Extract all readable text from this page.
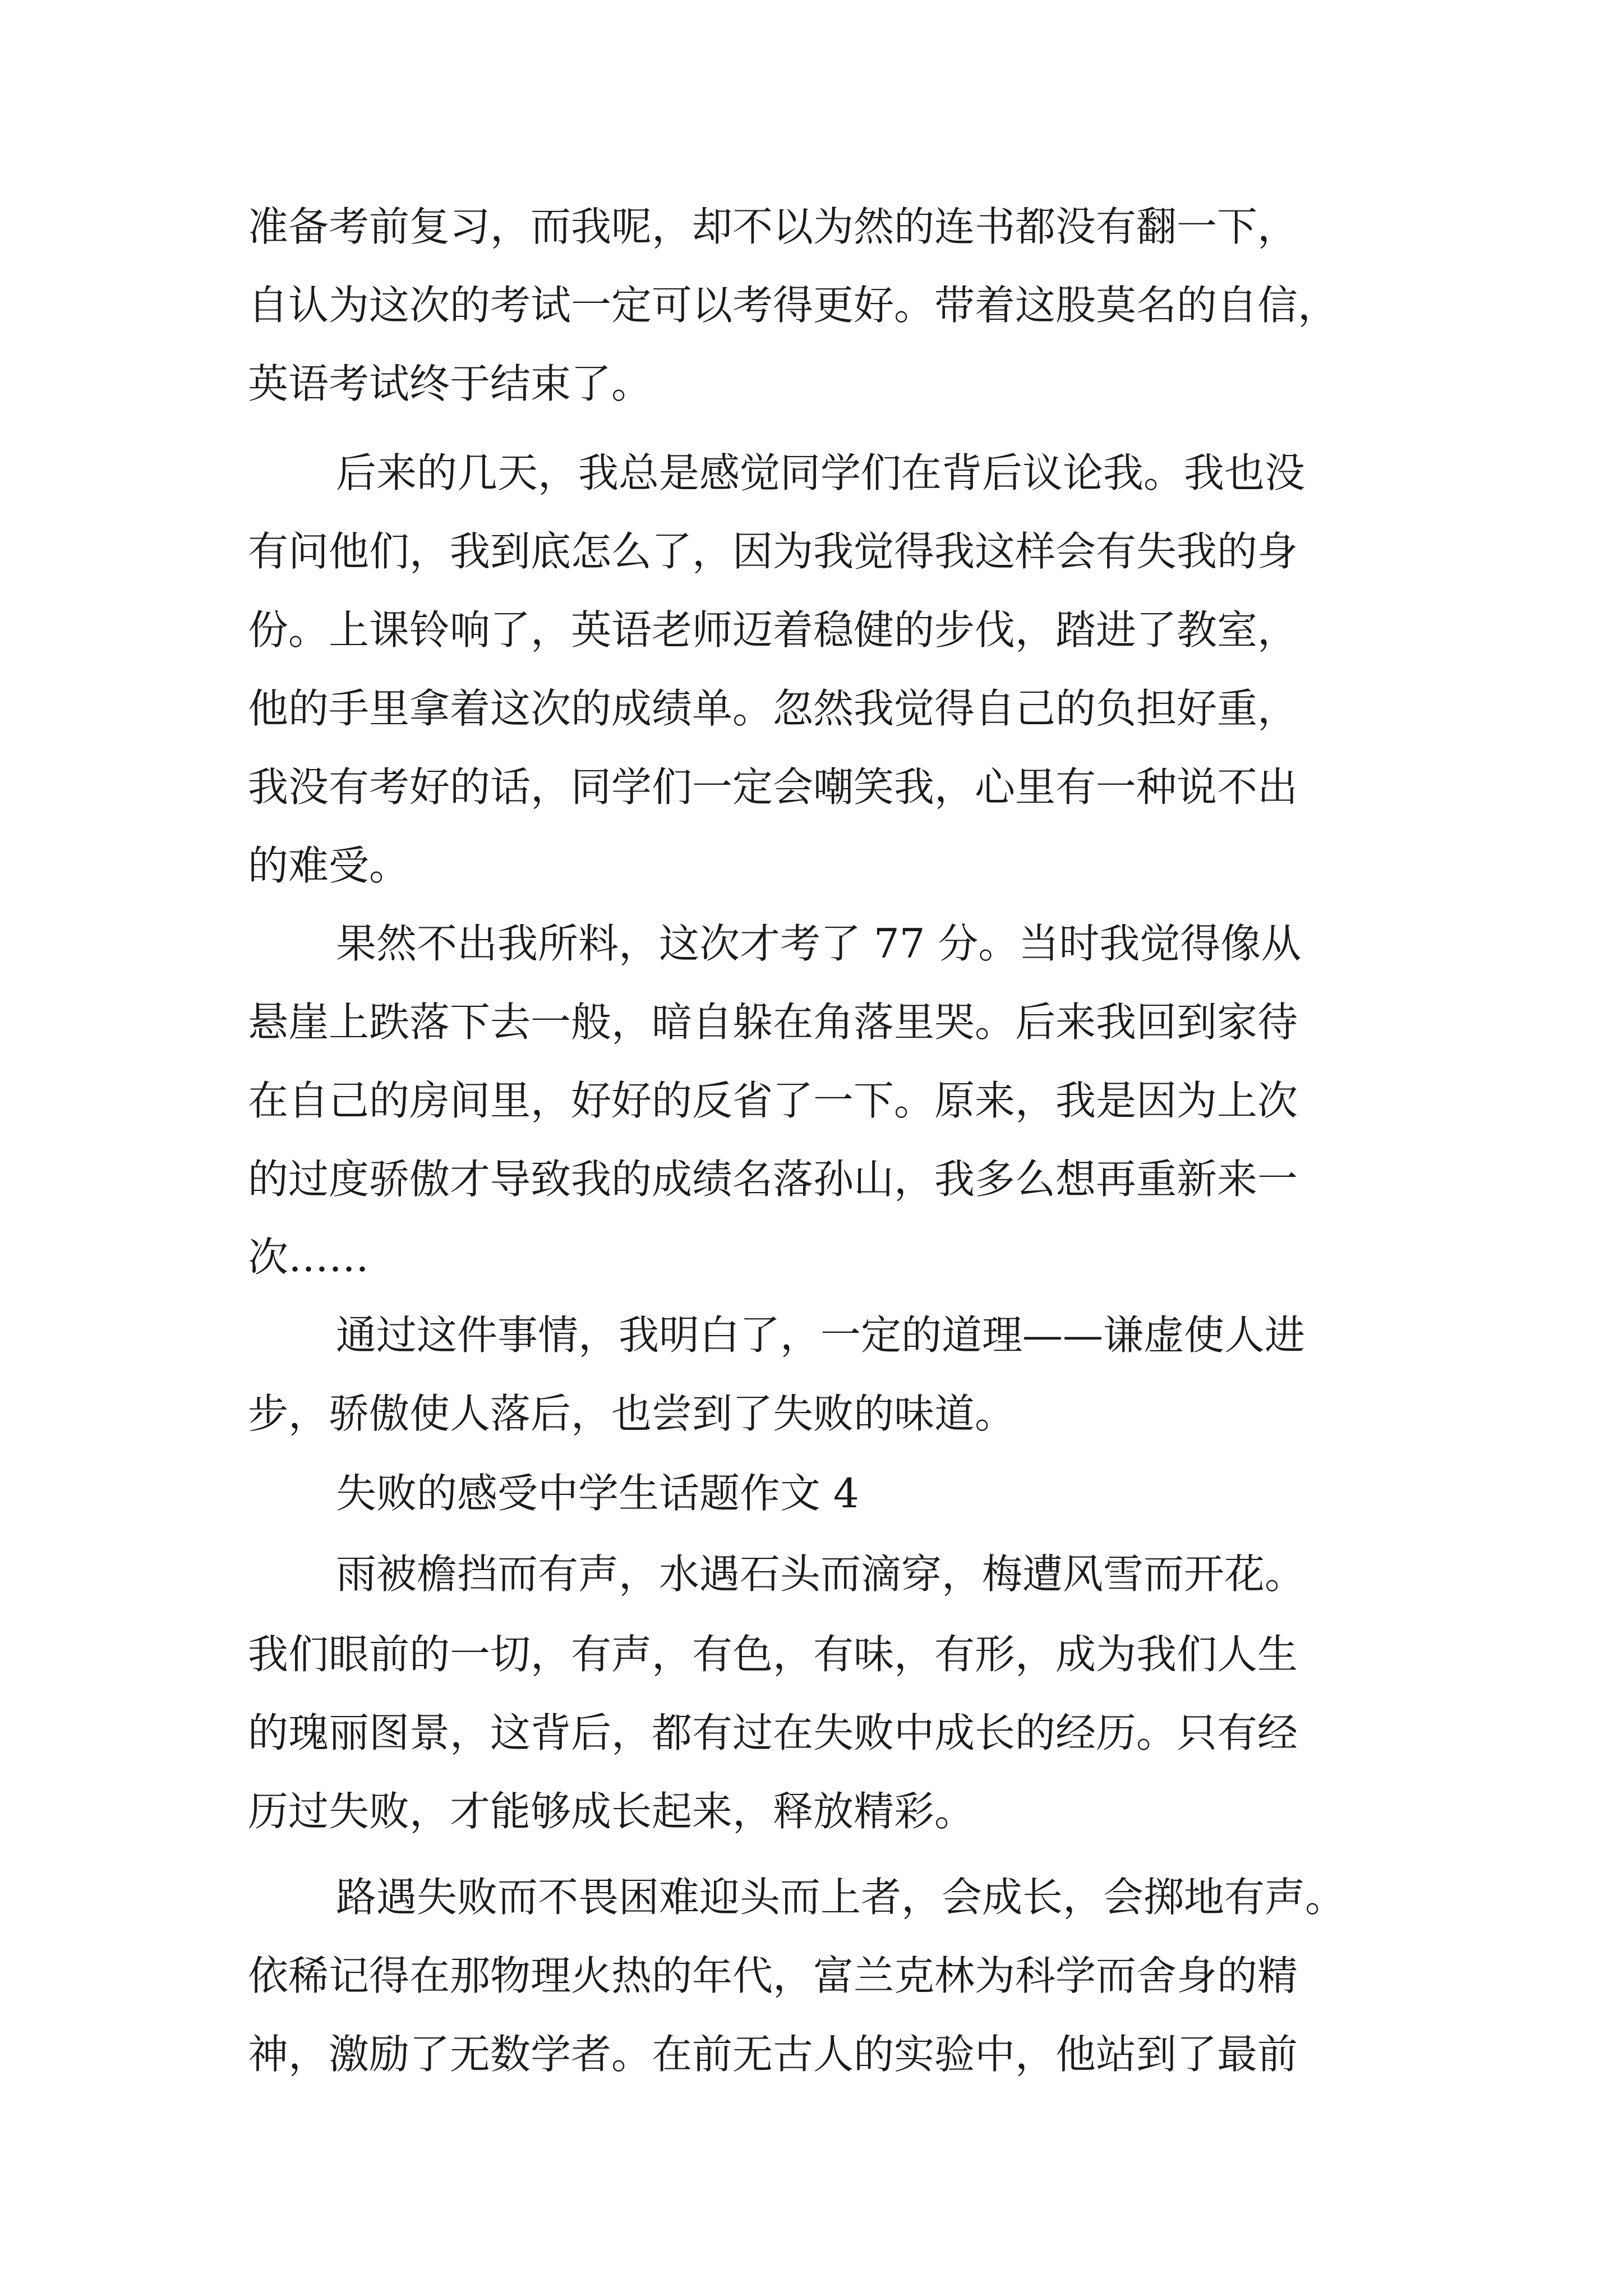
准备考前复习，而我呢，却不以为然的连书都没有翻一下，
自认为这次的考试一定可以考得更好。带着这股莫名的自信，
英语考试终于结束了。
后来的几天，我总是感觉同学们在背后议论我。我也没
有问他们，我到底怎么了，因为我觉得我这样会有失我的身
份。上课铃响了，英语老师迈着稳健的步伐，踏进了教室，
他的手里拿着这次的成绩单。忽然我觉得自己的负担好重，
我没有考好的话，同学们一定会嘲笑我，心里有一种说不出
的难受。
果然不出我所料，这次才考了 77 分。当时我觉得像从
悬崖上跌落下去一般，暗自躲在角落里哭。后来我回到家待
在自己的房间里，好好的反省了一下。原来，我是因为上次
的过度骄傲才导致我的成绩名落孙山，我多么想再重新来一
次……
通过这件事情，我明白了，一定的道理——谦虚使人进
步，骄傲使人落后，也尝到了失败的味道。
失败的感受中学生话题作文 4
雨被檐挡而有声，水遇石头而滴穿，梅遭风雪而开花。
我们眼前的一切，有声，有色，有味，有形，成为我们人生
的瑰丽图景，这背后，都有过在失败中成长的经历。只有经
历过失败，才能够成长起来，释放精彩。
路遇失败而不畏困难迎头而上者，会成长，会掷地有声。
依稀记得在那物理火热的年代，富兰克林为科学而舍身的精
神，激励了无数学者。在前无古人的实验中，他站到了最前
